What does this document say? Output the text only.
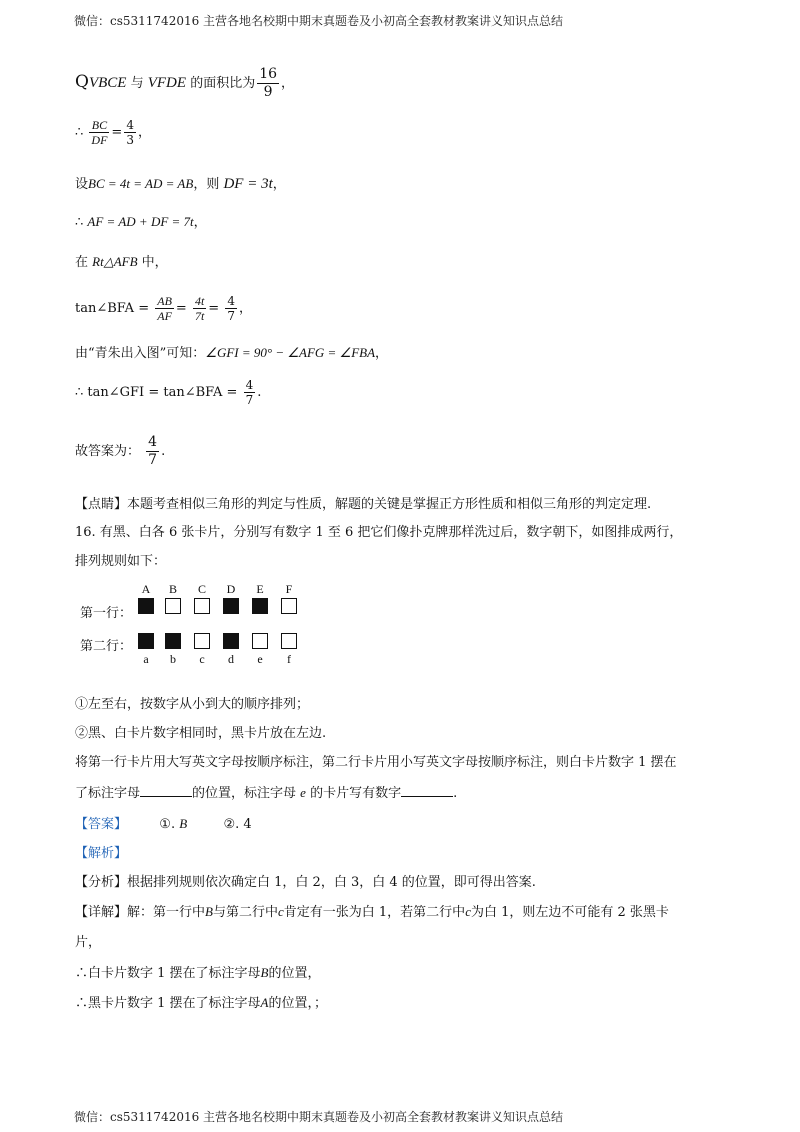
微信：cs5311742016 主营各地名校期中期末真题卷及小初高全套教材教案讲义知识点总结
微信：cs5311742016 主营各地名校期中期末真题卷及小初高全套教材教案讲义知识点总结
QVBCE 与 VFDE 的面积比为 $\frac{16}{9}$ ，
∴ $\frac{BC}{DF} = \frac{4}{3}$ ，
设BC = 4t = AD = AB，则 DF = 3t，
∴ AF = AD + DF = 7t，
在 Rt△AFB 中，
tan∠BFA = $\frac{AB}{AF} = \frac{4t}{7t} = \frac{4}{7}$ ，
由“青朱出入图”可知：∠GFI = 90° − ∠AFG = ∠FBA，
∴ tan∠GFI = tan∠BFA = $\frac{4}{7}$ .
故答案为： $\frac{4}{7}$ .
【点睛】本题考查相似三角形的判定与性质，解题的关键是掌握正方形性质和相似三角形的判定定理.
16. 有黑、白各 6 张卡片，分别写有数字 1 至 6 把它们像扑克牌那样洗过后，数字朝下，如图排成两行，
排列规则如下：
第一行：
第二行：
A	B	C	D	E	F
a	b	c	d	e	f
①左至右，按数字从小到大的顺序排列；
②黑、白卡片数字相同时，黑卡片放在左边.
将第一行卡片用大写英文字母按顺序标注，第二行卡片用小写英文字母按顺序标注，则白卡片数字 1 摆在
了标注字母	的位置，标注字母 e 的卡片写有数字	.
【答案】 ①. B	②. 4
【解析】
【分析】根据排列规则依次确定白 1，白 2，白 3，白 4 的位置，即可得出答案.
【详解】解：第一行中B与第二行中c肯定有一张为白 1，若第二行中c为白 1，则左边不可能有 2 张黑卡
片，
∴白卡片数字 1 摆在了标注字母B的位置，
∴黑卡片数字 1 摆在了标注字母A的位置，；
